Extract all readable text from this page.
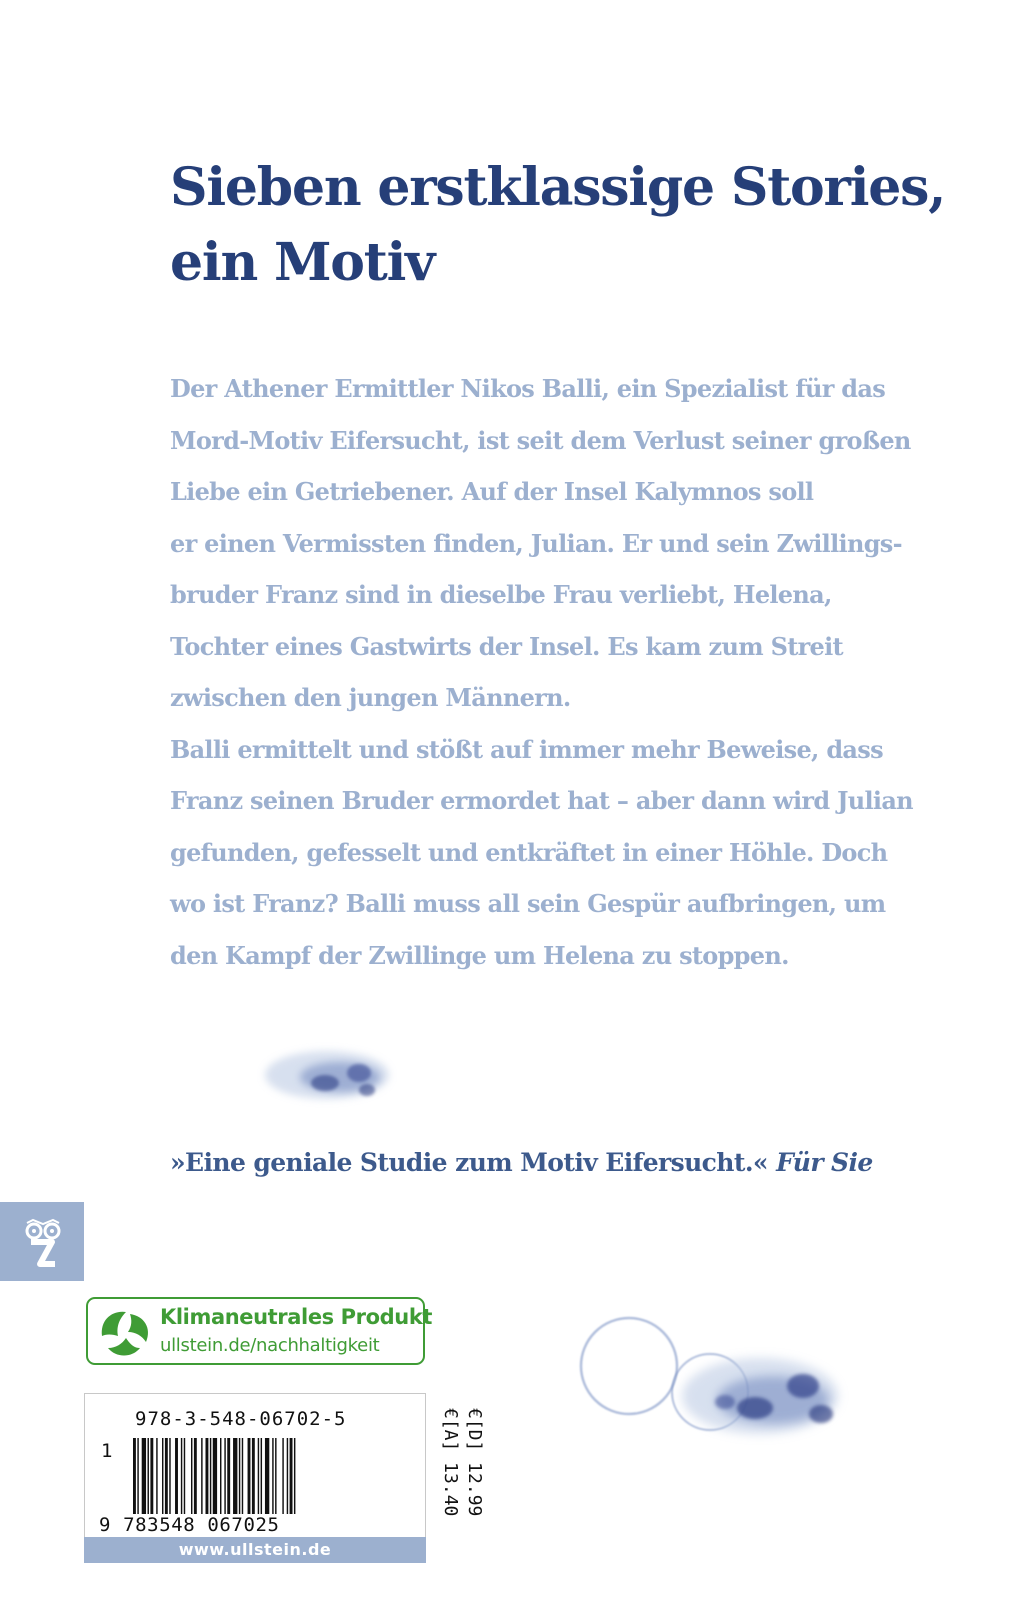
Sieben erstklassige Stories,
ein Motiv
Der Athener Ermittler Nikos Balli, ein Spezialist für das
Mord-Motiv Eifersucht, ist seit dem Verlust seiner großen
Liebe ein Getriebener. Auf der Insel Kalymnos soll
er einen Vermissten finden, Julian. Er und sein Zwillings-
bruder Franz sind in dieselbe Frau verliebt, Helena,
Tochter eines Gastwirts der Insel. Es kam zum Streit
zwischen den jungen Männern.
Balli ermittelt und stößt auf immer mehr Beweise, dass
Franz seinen Bruder ermordet hat – aber dann wird Julian
gefunden, gefesselt und entkräftet in einer Höhle. Doch
wo ist Franz? Balli muss all sein Gespür aufbringen, um
den Kampf der Zwillinge um Helena zu stoppen.
»Eine geniale Studie zum Motiv Eifersucht.« Für Sie
Klimaneutrales Produkt
ullstein.de/nachhaltigkeit
978-3-548-06702-5
1
9 783548 067025
€[D] 12.99
€[A] 13.40
www.ullstein.de
